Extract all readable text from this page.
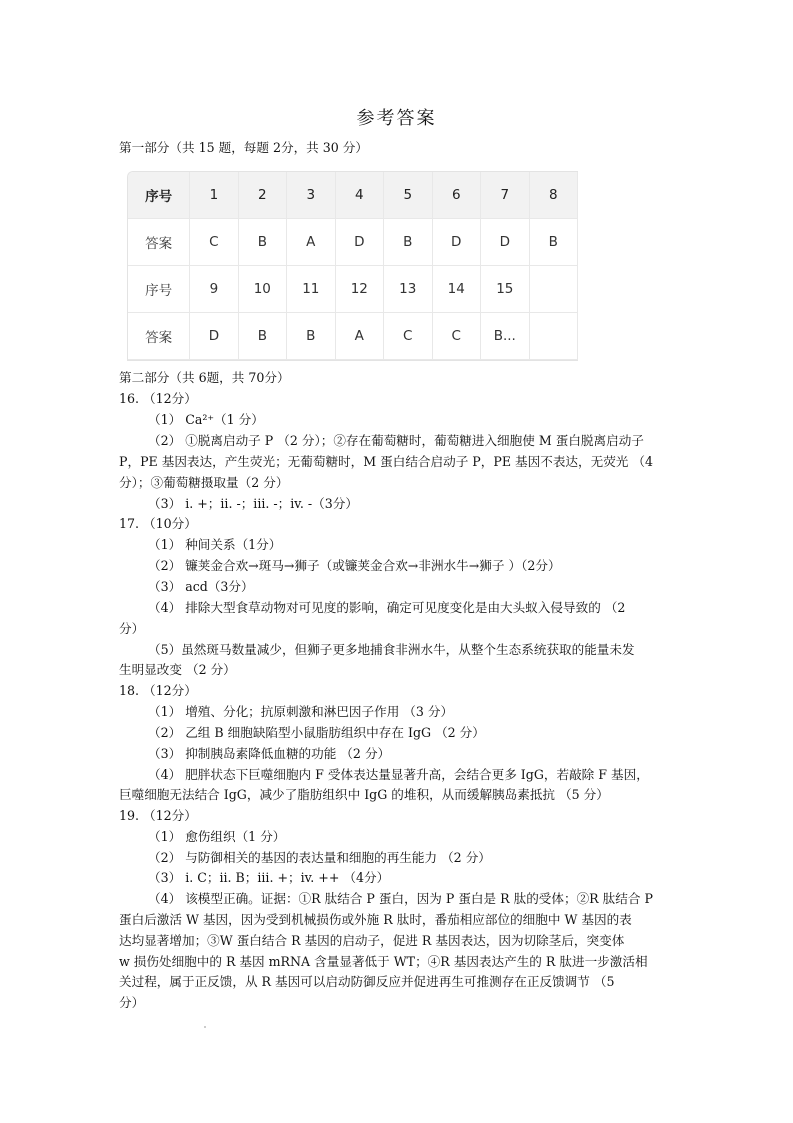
参考答案
第一部分（共 15 题，每题 2分，共 30 分）
序号	1	2	3	4	5	6	7	8
答案	C	B	A	D	B	D	D	B
序号	9	10	11	12	13	14	15	
答案	D	B	B	A	C	C	B...	
第二部分（共 6题，共 70分）
16. （12分）
（1） Ca²⁺（1 分）
（2） ①脱离启动子 P （2 分）；②存在葡萄糖时，葡萄糖进入细胞使 M 蛋白脱离启动子
P，PE 基因表达，产生荧光；无葡萄糖时，M 蛋白结合启动子 P，PE 基因不表达，无荧光 （4
分）；③葡萄糖摄取量（2 分）
（3） i. +；ii. -；iii. -；iv. -（3分）
17. （10分）
（1） 种间关系（1分）
（2） 镰荚金合欢→斑马→狮子（或镰荚金合欢→非洲水牛→狮子 ）（2分）
（3） acd（3分）
（4） 排除大型食草动物对可见度的影响，确定可见度变化是由大头蚁入侵导致的 （2
分）
（5）虽然斑马数量减少，但狮子更多地捕食非洲水牛，从整个生态系统获取的能量未发
生明显改变 （2 分）
18. （12分）
（1） 增殖、分化；抗原刺激和淋巴因子作用 （3 分）
（2） 乙组 B 细胞缺陷型小鼠脂肪组织中存在 IgG （2 分）
（3） 抑制胰岛素降低血糖的功能 （2 分）
（4） 肥胖状态下巨噬细胞内 F 受体表达量显著升高，会结合更多 IgG，若敲除 F 基因，
巨噬细胞无法结合 IgG，减少了脂肪组织中 IgG 的堆积，从而缓解胰岛素抵抗 （5 分）
19. （12分）
（1） 愈伤组织（1 分）
（2） 与防御相关的基因的表达量和细胞的再生能力 （2 分）
（3） i. C；ii. B；iii. +；iv. ++ （4分）
（4） 该模型正确。证据：①R 肽结合 P 蛋白，因为 P 蛋白是 R 肽的受体；②R 肽结合 P
蛋白后激活 W 基因，因为受到机械损伤或外施 R 肽时，番茄相应部位的细胞中 W 基因的表
达均显著增加；③W 蛋白结合 R 基因的启动子，促进 R 基因表达，因为切除茎后，突变体
w 损伤处细胞中的 R 基因 mRNA 含量显著低于 WT；④R 基因表达产生的 R 肽进一步激活相
关过程，属于正反馈，从 R 基因可以启动防御反应并促进再生可推测存在正反馈调节 （5
分）
